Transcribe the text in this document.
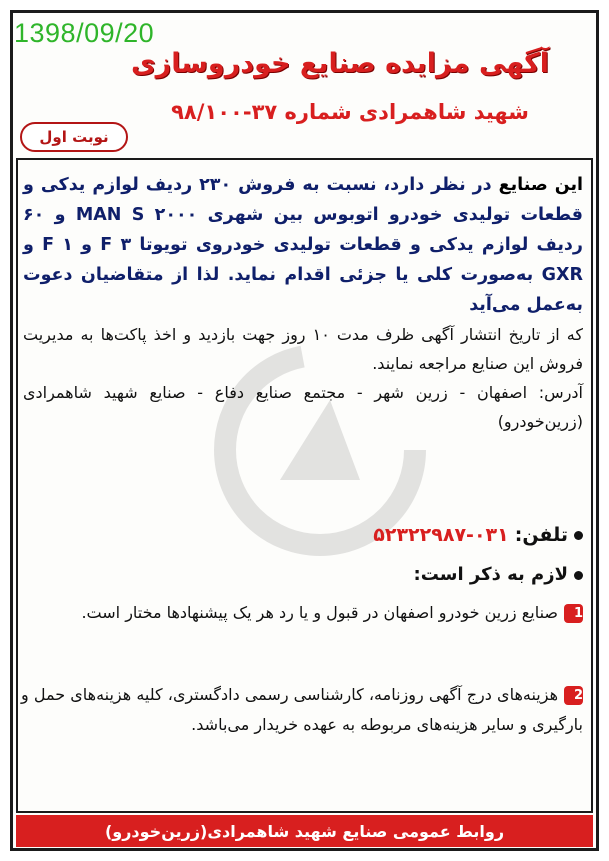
1398/09/20
آگهی مزایده صنایع خودروسازی
شهید شاهمرادی شماره ۳۷-۹۸/۱۰۰
نوبت اول

این صنایع در نظر دارد، نسبت به فروش ۲۳۰ ردیف لوازم یدکی و قطعات تولیدی خودرو اتوبوس بین شهری MAN S ۲۰۰۰ و ۶۰ ردیف لوازم یدکی و قطعات تولیدی خودروی تویوتا F ۳ و F ۱ و GXR به‌صورت کلی یا جزئی اقدام نماید. لذا از متقاضیان دعوت به‌عمل می‌آید

که از تاریخ انتشار آگهی ظرف مدت ۱۰ روز جهت بازدید و اخذ پاکت‌ها به مدیریت فروش این صنایع مراجعه نمایند.

آدرس: اصفهان - زرین شهر - مجتمع صنایع دفاع - صنایع شهید شاهمرادی (زرین‌خودرو)

تلفن:۰۳۱-۵۲۳۲۲۹۸۷
لازم به ذکر است:
1صنایع زرین خودرو اصفهان در قبول و یا رد هر یک پیشنهادها مختار است.
2هزینه‌های درج آگهی روزنامه، کارشناسی رسمی دادگستری، کلیه هزینه‌های حمل و بارگیری و سایر هزینه‌های مربوطه به عهده خریدار می‌باشد.
روابط عمومی صنایع شهید شاهمرادی(زرین‌خودرو)
